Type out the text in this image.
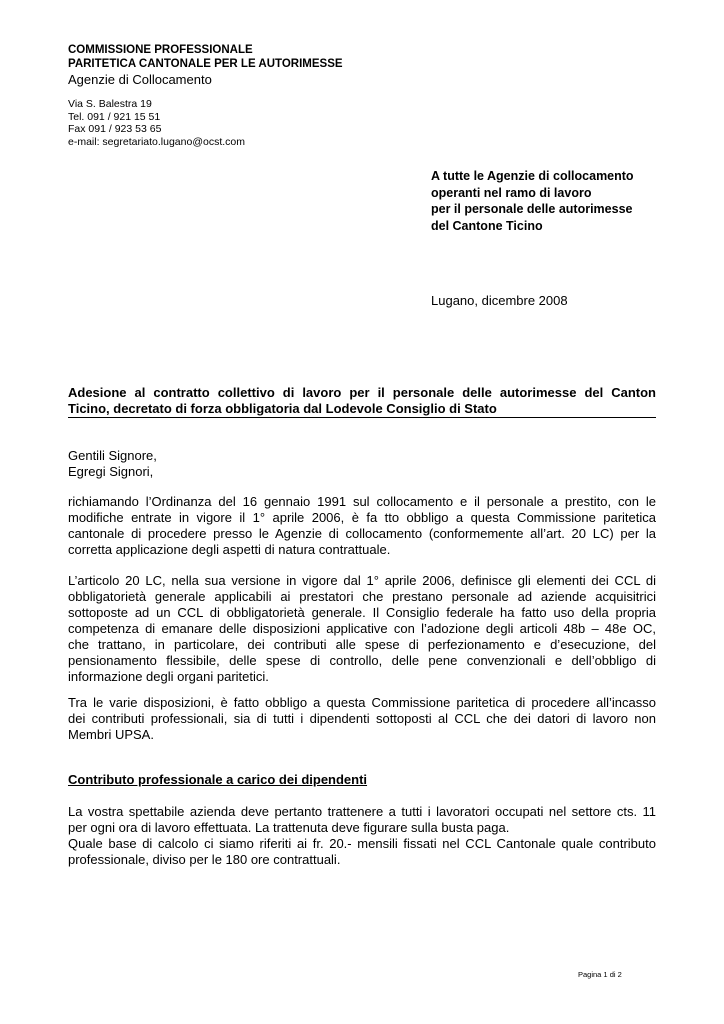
COMMISSIONE PROFESSIONALE
PARITETICA CANTONALE PER LE AUTORIMESSE
Agenzie di Collocamento
Via S. Balestra 19
Tel. 091 / 921 15 51
Fax 091 / 923 53 65
e-mail: segretariato.lugano@ocst.com
A tutte le Agenzie di collocamento
operanti nel ramo di lavoro
per il personale delle autorimesse
del Cantone Ticino
Lugano, dicembre 2008
Adesione al contratto collettivo di lavoro per il personale delle autorimesse del Canton
Ticino, decretato di forza obbligatoria dal Lodevole Consiglio di Stato
Gentili Signore,
Egregi Signori,
richiamando l’Ordinanza del 16 gennaio 1991 sul collocamento e il personale a prestito, con le
modifiche entrate in vigore il 1° aprile 2006, è fa tto obbligo a questa Commissione paritetica
cantonale di procedere presso le Agenzie di collocamento (conformemente all’art. 20 LC) per la
corretta applicazione degli aspetti di natura contrattuale.
L’articolo 20 LC, nella sua versione in vigore dal 1° aprile 2006, definisce gli elementi dei CCL di
obbligatorietà generale applicabili ai prestatori che prestano personale ad aziende acquisitrici
sottoposte ad un CCL di obbligatorietà generale. Il Consiglio federale ha fatto uso della propria
competenza di emanare delle disposizioni applicative con l’adozione degli articoli 48b – 48e OC,
che trattano, in particolare, dei contributi alle spese di perfezionamento e d’esecuzione, del
pensionamento flessibile, delle spese di controllo, delle pene convenzionali e dell’obbligo di
informazione degli organi paritetici.
Tra le varie disposizioni, è fatto obbligo a questa Commissione paritetica di procedere all’incasso
dei contributi professionali, sia di tutti i dipendenti sottoposti al CCL che dei datori di lavoro non
Membri UPSA.
Contributo professionale a carico dei dipendenti
La vostra spettabile azienda deve pertanto trattenere a tutti i lavoratori occupati nel settore cts. 11
per ogni ora di lavoro effettuata. La trattenuta deve figurare sulla busta paga.
Quale base di calcolo ci siamo riferiti ai fr. 20.- mensili fissati nel CCL Cantonale quale contributo
professionale, diviso per le 180 ore contrattuali.
Pagina 1 di 2
